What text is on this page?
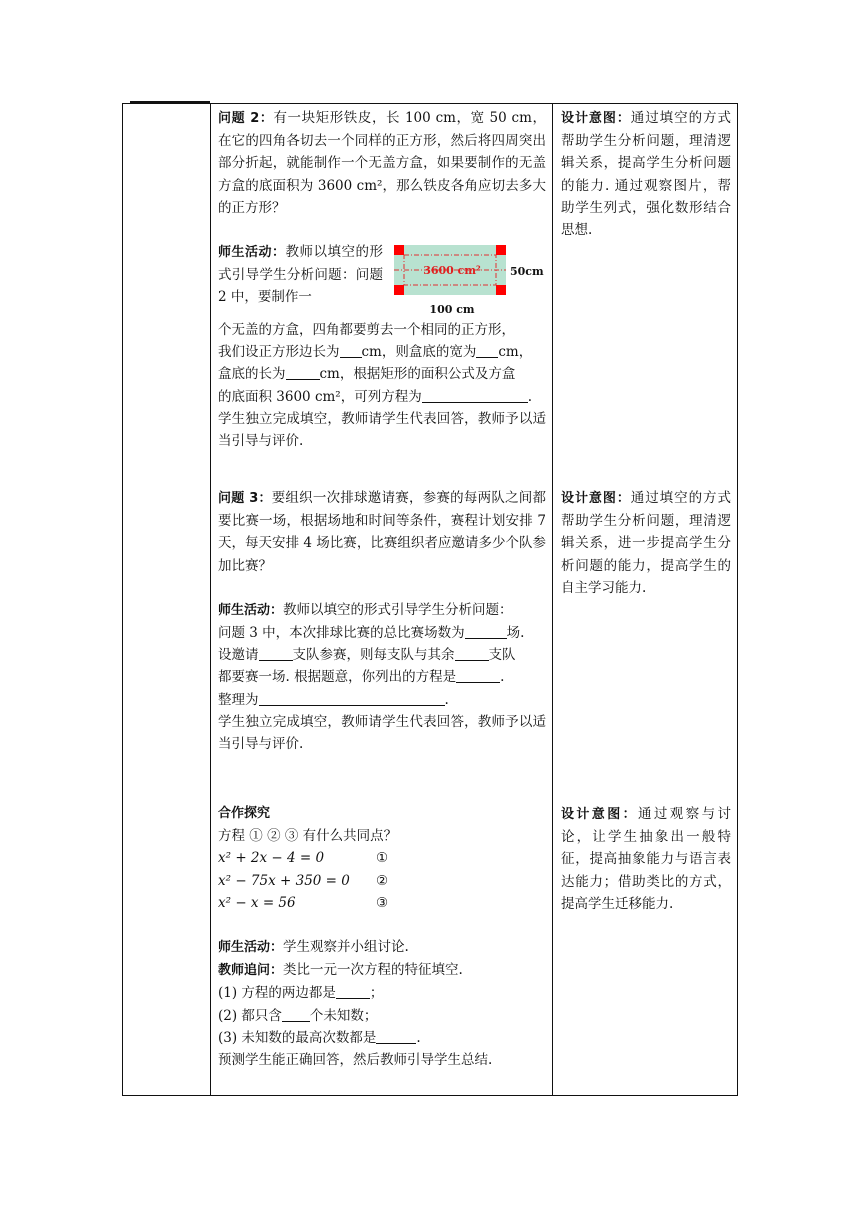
问题 2：有一块矩形铁皮，长 100 cm，宽 50 cm，在它的四角各切去一个同样的正方形，然后将四周突出部分折起，就能制作一个无盖方盒，如果要制作的无盖方盒的底面积为 3600 cm²，那么铁皮各角应切去多大的正方形？

师生活动：教师以填空的形式引导学生分析问题：问题 2 中，要制作一
3600 cm²	50cm
100 cm

个无盖的方盒，四角都要剪去一个相同的正方形，

我们设正方形边长为 cm，则盒底的宽为 cm，

盒底的长为	cm，根据矩形的面积公式及方盒

的底面积 3600 cm²，可列方程为	.

学生独立完成填空，教师请学生代表回答，教师予以适当引导与评价.

设计意图：通过填空的方式帮助学生分析问题，理清逻辑关系，提高学生分析问题的能力. 通过观察图片，帮助学生列式，强化数形结合思想.

问题 3：要组织一次排球邀请赛，参赛的每两队之间都要比赛一场，根据场地和时间等条件，赛程计划安排 7 天，每天安排 4 场比赛，比赛组织者应邀请多少个队参加比赛？

师生活动：教师以填空的形式引导学生分析问题：

问题 3 中，本次排球比赛的总比赛场数为	场.

设邀请	支队参赛，则每支队与其余	支队

都要赛一场. 根据题意，你列出的方程是	.

整理为	.

学生独立完成填空，教师请学生代表回答，教师予以适当引导与评价.

设计意图：通过填空的方式帮助学生分析问题，理清逻辑关系，进一步提高学生分析问题的能力，提高学生的自主学习能力.

合作探究

方程 ① ② ③ 有什么共同点？

x² + 2x − 4 = 0	①
x² − 75x + 350 = 0	②
x² − x = 56	③

师生活动：学生观察并小组讨论.

教师追问：类比一元一次方程的特征填空.

(1) 方程的两边都是	；

(2) 都只含 个未知数；

(3) 未知数的最高次数都是	.

预测学生能正确回答，然后教师引导学生总结.

设计意图：通过观察与讨论，让学生抽象出一般特征，提高抽象能力与语言表达能力；借助类比的方式，提高学生迁移能力.
